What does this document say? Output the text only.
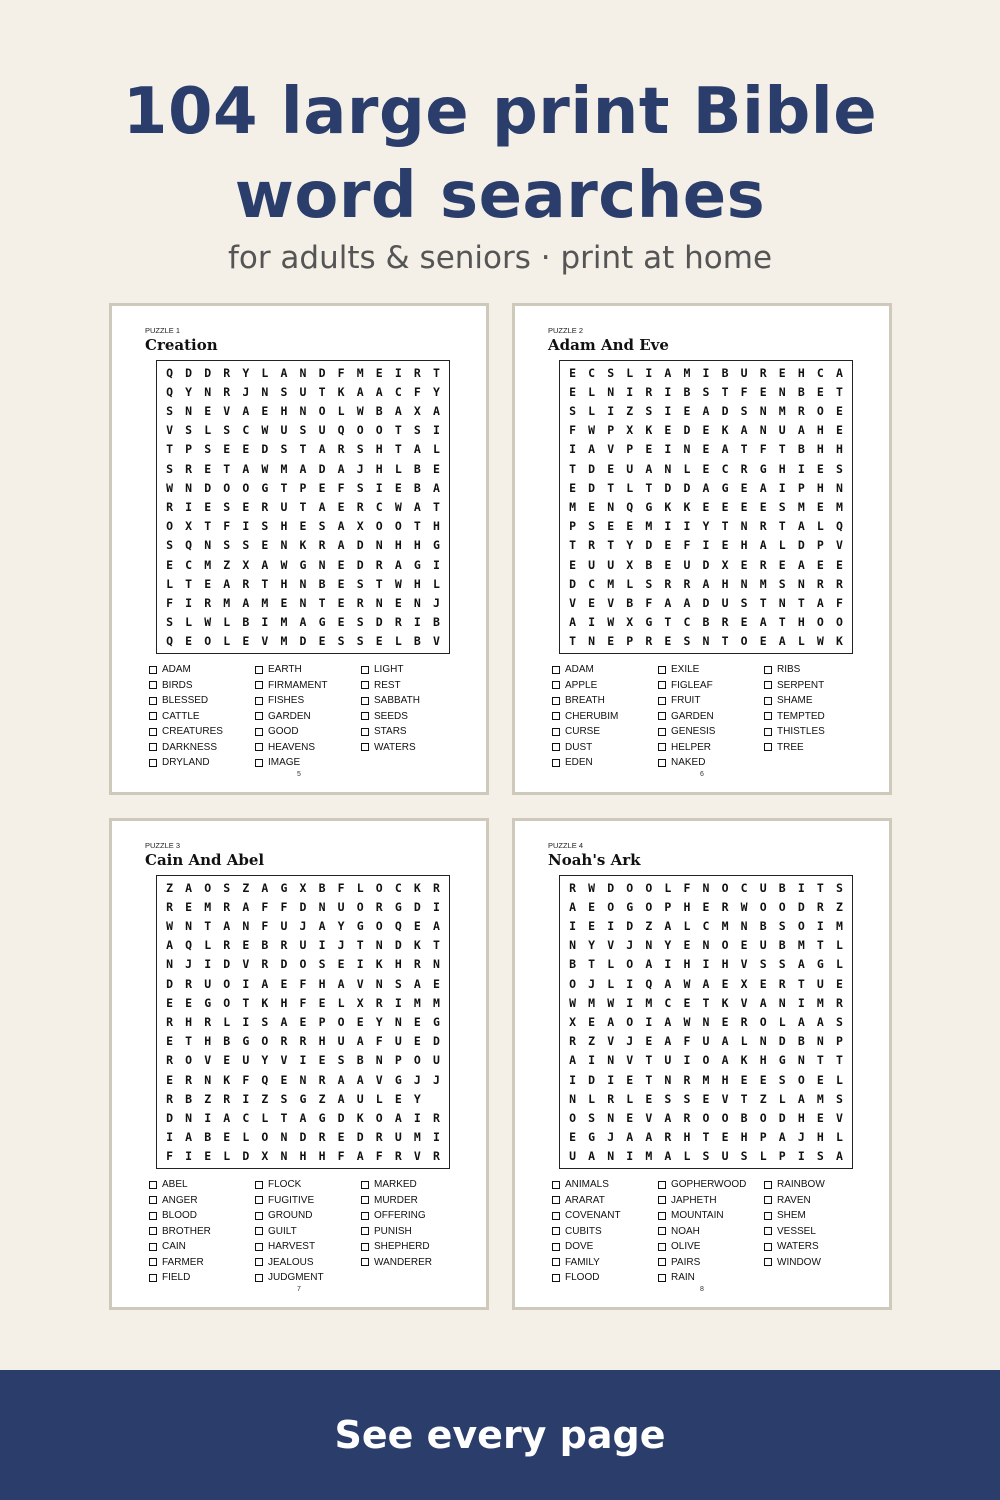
104 large print Bible
word searches
for adults & seniors · print at home
PUZZLE 1
Creation
Q	D	D	R	Y	L	A	N	D	F	M	E	I	R	T
Q	Y	N	R	J	N	S	U	T	K	A	A	C	F	Y
S	N	E	V	A	E	H	N	O	L	W	B	A	X	A
V	S	L	S	C	W	U	S	U	Q	O	O	T	S	I
T	P	S	E	E	D	S	T	A	R	S	H	T	A	L
S	R	E	T	A	W	M	A	D	A	J	H	L	B	E
W	N	D	O	O	G	T	P	E	F	S	I	E	B	A
R	I	E	S	E	R	U	T	A	E	R	C	W	A	T
O	X	T	F	I	S	H	E	S	A	X	O	O	T	H
S	Q	N	S	S	E	N	K	R	A	D	N	H	H	G
E	C	M	Z	X	A	W	G	N	E	D	R	A	G	I
L	T	E	A	R	T	H	N	B	E	S	T	W	H	L
F	I	R	M	A	M	E	N	T	E	R	N	E	N	J
S	L	W	L	B	I	M	A	G	E	S	D	R	I	B
Q	E	O	L	E	V	M	D	E	S	S	E	L	B	V
ADAM
BIRDS
BLESSED
CATTLE
CREATURES
DARKNESS
DRYLAND
EARTH
FIRMAMENT
FISHES
GARDEN
GOOD
HEAVENS
IMAGE
LIGHT
REST
SABBATH
SEEDS
STARS
WATERS
5
PUZZLE 2
Adam And Eve
E	C	S	L	I	A	M	I	B	U	R	E	H	C	A
E	L	N	I	R	I	B	S	T	F	E	N	B	E	T
S	L	I	Z	S	I	E	A	D	S	N	M	R	O	E
F	W	P	X	K	E	D	E	K	A	N	U	A	H	E
I	A	V	P	E	I	N	E	A	T	F	T	B	H	H
T	D	E	U	A	N	L	E	C	R	G	H	I	E	S
E	D	T	L	T	D	D	A	G	E	A	I	P	H	N
M	E	N	Q	G	K	K	E	E	E	E	S	M	E	M
P	S	E	E	M	I	I	Y	T	N	R	T	A	L	Q
T	R	T	Y	D	E	F	I	E	H	A	L	D	P	V
E	U	U	X	B	E	U	D	X	E	R	E	A	E	E
D	C	M	L	S	R	R	A	H	N	M	S	N	R	R
V	E	V	B	F	A	A	D	U	S	T	N	T	A	F
A	I	W	X	G	T	C	B	R	E	A	T	H	O	O
T	N	E	P	R	E	S	N	T	O	E	A	L	W	K
ADAM
APPLE
BREATH
CHERUBIM
CURSE
DUST
EDEN
EXILE
FIGLEAF
FRUIT
GARDEN
GENESIS
HELPER
NAKED
RIBS
SERPENT
SHAME
TEMPTED
THISTLES
TREE
6
PUZZLE 3
Cain And Abel
Z	A	O	S	Z	A	G	X	B	F	L	O	C	K	R
R	E	M	R	A	F	F	D	N	U	O	R	G	D	I
W	N	T	A	N	F	U	J	A	Y	G	O	Q	E	A
A	Q	L	R	E	B	R	U	I	J	T	N	D	K	T
N	J	I	D	V	R	D	O	S	E	I	K	H	R	N
D	R	U	O	I	A	E	F	H	A	V	N	S	A	E
E	E	G	O	T	K	H	F	E	L	X	R	I	M	M
R	H	R	L	I	S	A	E	P	O	E	Y	N	E	G
E	T	H	B	G	O	R	R	H	U	A	F	U	E	D
R	O	V	E	U	Y	V	I	E	S	B	N	P	O	U
E	R	N	K	F	Q	E	N	R	A	A	V	G	J	J
R	B	Z	R	I	Z	S	G	Z	A	U	L	E	Y
D	N	I	A	C	L	T	A	G	D	K	O	A	I	R
I	A	B	E	L	O	N	D	R	E	D	R	U	M	I
F	I	E	L	D	X	N	H	H	F	A	F	R	V	R
ABEL
ANGER
BLOOD
BROTHER
CAIN
FARMER
FIELD
FLOCK
FUGITIVE
GROUND
GUILT
HARVEST
JEALOUS
JUDGMENT
MARKED
MURDER
OFFERING
PUNISH
SHEPHERD
WANDERER
7
PUZZLE 4
Noah's Ark
R	W	D	O	O	L	F	N	O	C	U	B	I	T	S
A	E	O	G	O	P	H	E	R	W	O	O	D	R	Z
I	E	I	D	Z	A	L	C	M	N	B	S	O	I	M
N	Y	V	J	N	Y	E	N	O	E	U	B	M	T	L
B	T	L	O	A	I	H	I	H	V	S	S	A	G	L
O	J	L	I	Q	A	W	A	E	X	E	R	T	U	E
W	M	W	I	M	C	E	T	K	V	A	N	I	M	R
X	E	A	O	I	A	W	N	E	R	O	L	A	A	S
R	Z	V	J	E	A	F	U	A	L	N	D	B	N	P
A	I	N	V	T	U	I	O	A	K	H	G	N	T	T
I	D	I	E	T	N	R	M	H	E	E	S	O	E	L
N	L	R	L	E	S	S	E	V	T	Z	L	A	M	S
O	S	N	E	V	A	R	O	O	B	O	D	H	E	V
E	G	J	A	A	R	H	T	E	H	P	A	J	H	L
U	A	N	I	M	A	L	S	U	S	L	P	I	S	A
ANIMALS
ARARAT
COVENANT
CUBITS
DOVE
FAMILY
FLOOD
GOPHERWOOD
JAPHETH
MOUNTAIN
NOAH
OLIVE
PAIRS
RAIN
RAINBOW
RAVEN
SHEM
VESSEL
WATERS
WINDOW
8
See every page
